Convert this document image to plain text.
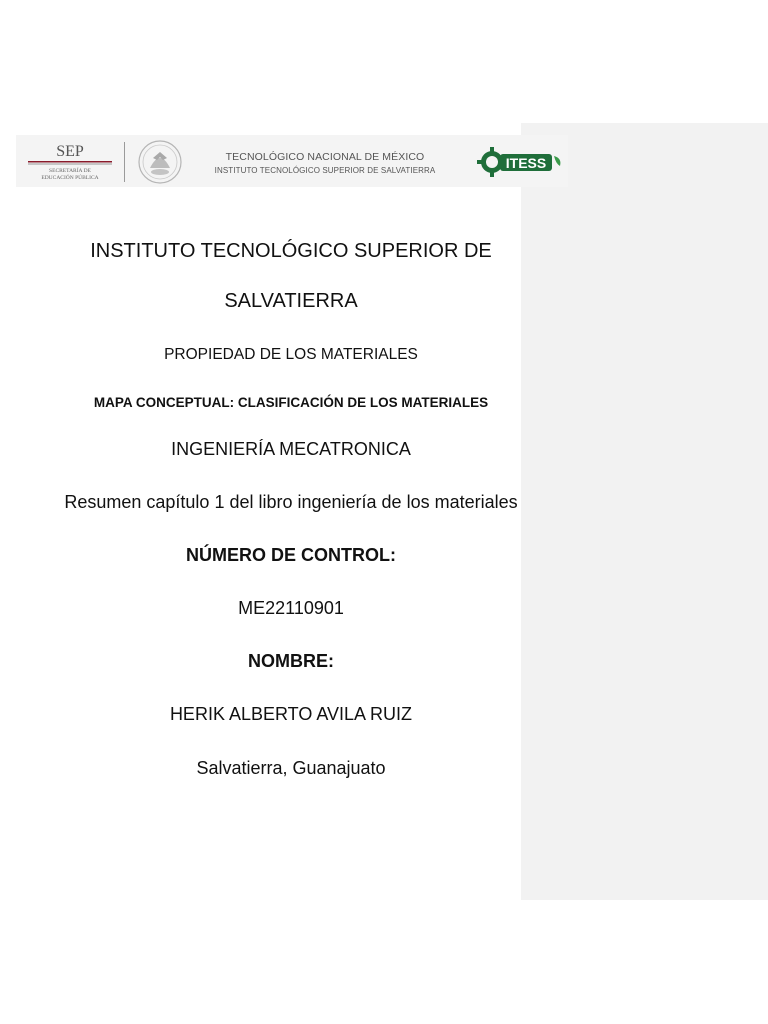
SEP
SECRETARÍA DE
EDUCACIÓN PÚBLICA
TECNOLÓGICO NACIONAL DE MÉXICO
INSTITUTO TECNOLÓGICO SUPERIOR DE SALVATIERRA	ITESS
INSTITUTO TECNOLÓGICO SUPERIOR DE
SALVATIERRA
PROPIEDAD DE LOS MATERIALES
MAPA CONCEPTUAL: CLASIFICACIÓN DE LOS MATERIALES
INGENIERÍA MECATRONICA
Resumen capítulo 1 del libro ingeniería de los materiales
NÚMERO DE CONTROL:
ME22110901
NOMBRE:
HERIK ALBERTO AVILA RUIZ
Salvatierra, Guanajuato
